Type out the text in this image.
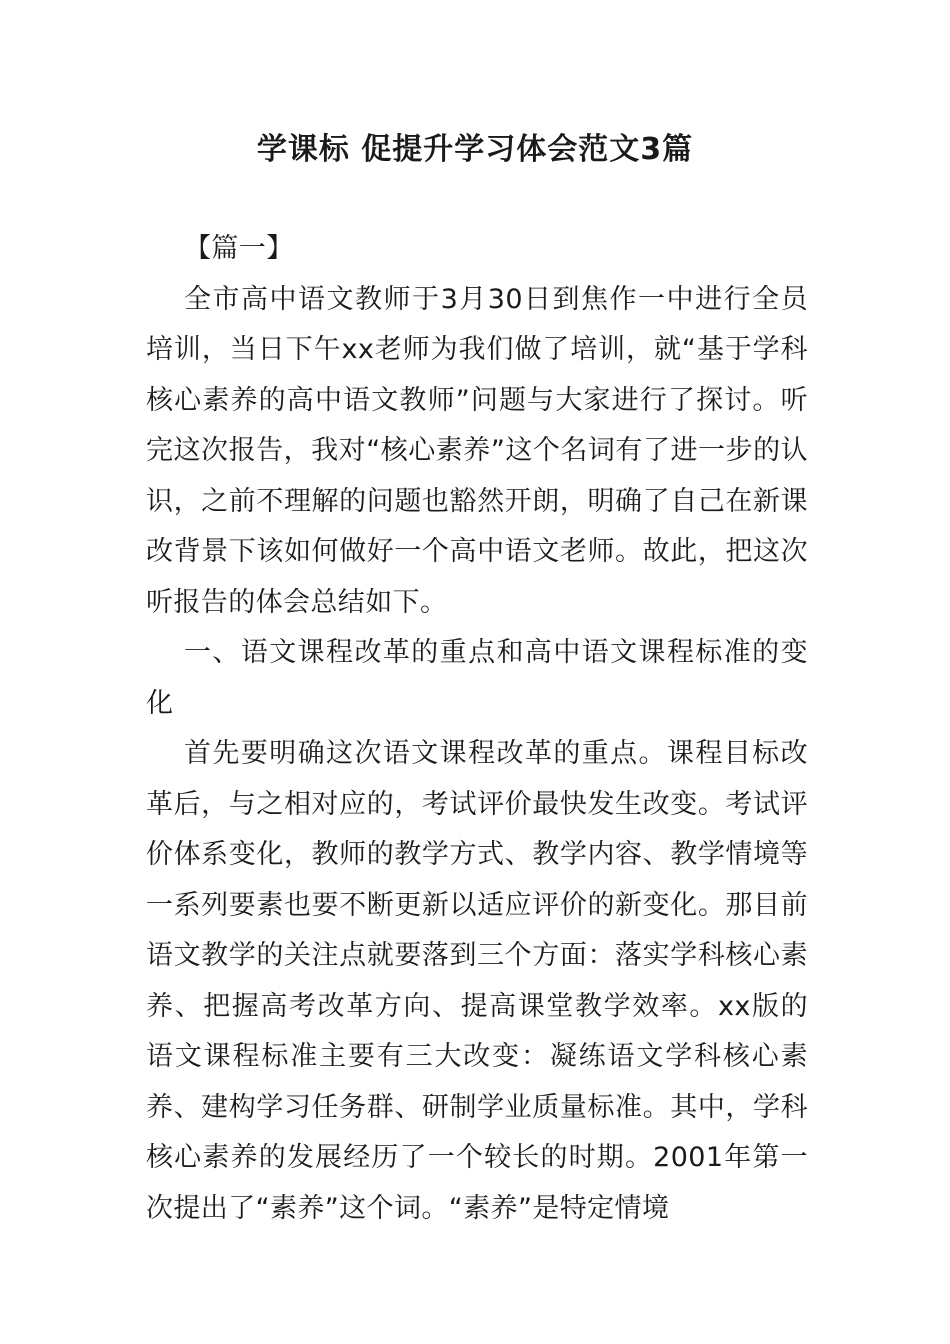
学课标 促提升学习体会范文3篇

【篇一】

全市高中语文教师于3月30日到焦作一中进行全员培训，当日下午xx老师为我们做了培训，就“基于学科核心素养的高中语文教师”问题与大家进行了探讨。听完这次报告，我对“核心素养”这个名词有了进一步的认识，之前不理解的问题也豁然开朗，明确了自己在新课改背景下该如何做好一个高中语文老师。故此，把这次听报告的体会总结如下。

一、语文课程改革的重点和高中语文课程标准的变化

首先要明确这次语文课程改革的重点。课程目标改革后，与之相对应的，考试评价最快发生改变。考试评价体系变化，教师的教学方式、教学内容、教学情境等一系列要素也要不断更新以适应评价的新变化。那目前语文教学的关注点就要落到三个方面：落实学科核心素养、把握高考改革方向、提高课堂教学效率。xx版的语文课程标准主要有三大改变：凝练语文学科核心素养、建构学习任务群、研制学业质量标准。其中，学科核心素养的发展经历了一个较长的时期。2001年第一次提出了“素养”这个词。“素养”是特定情境
